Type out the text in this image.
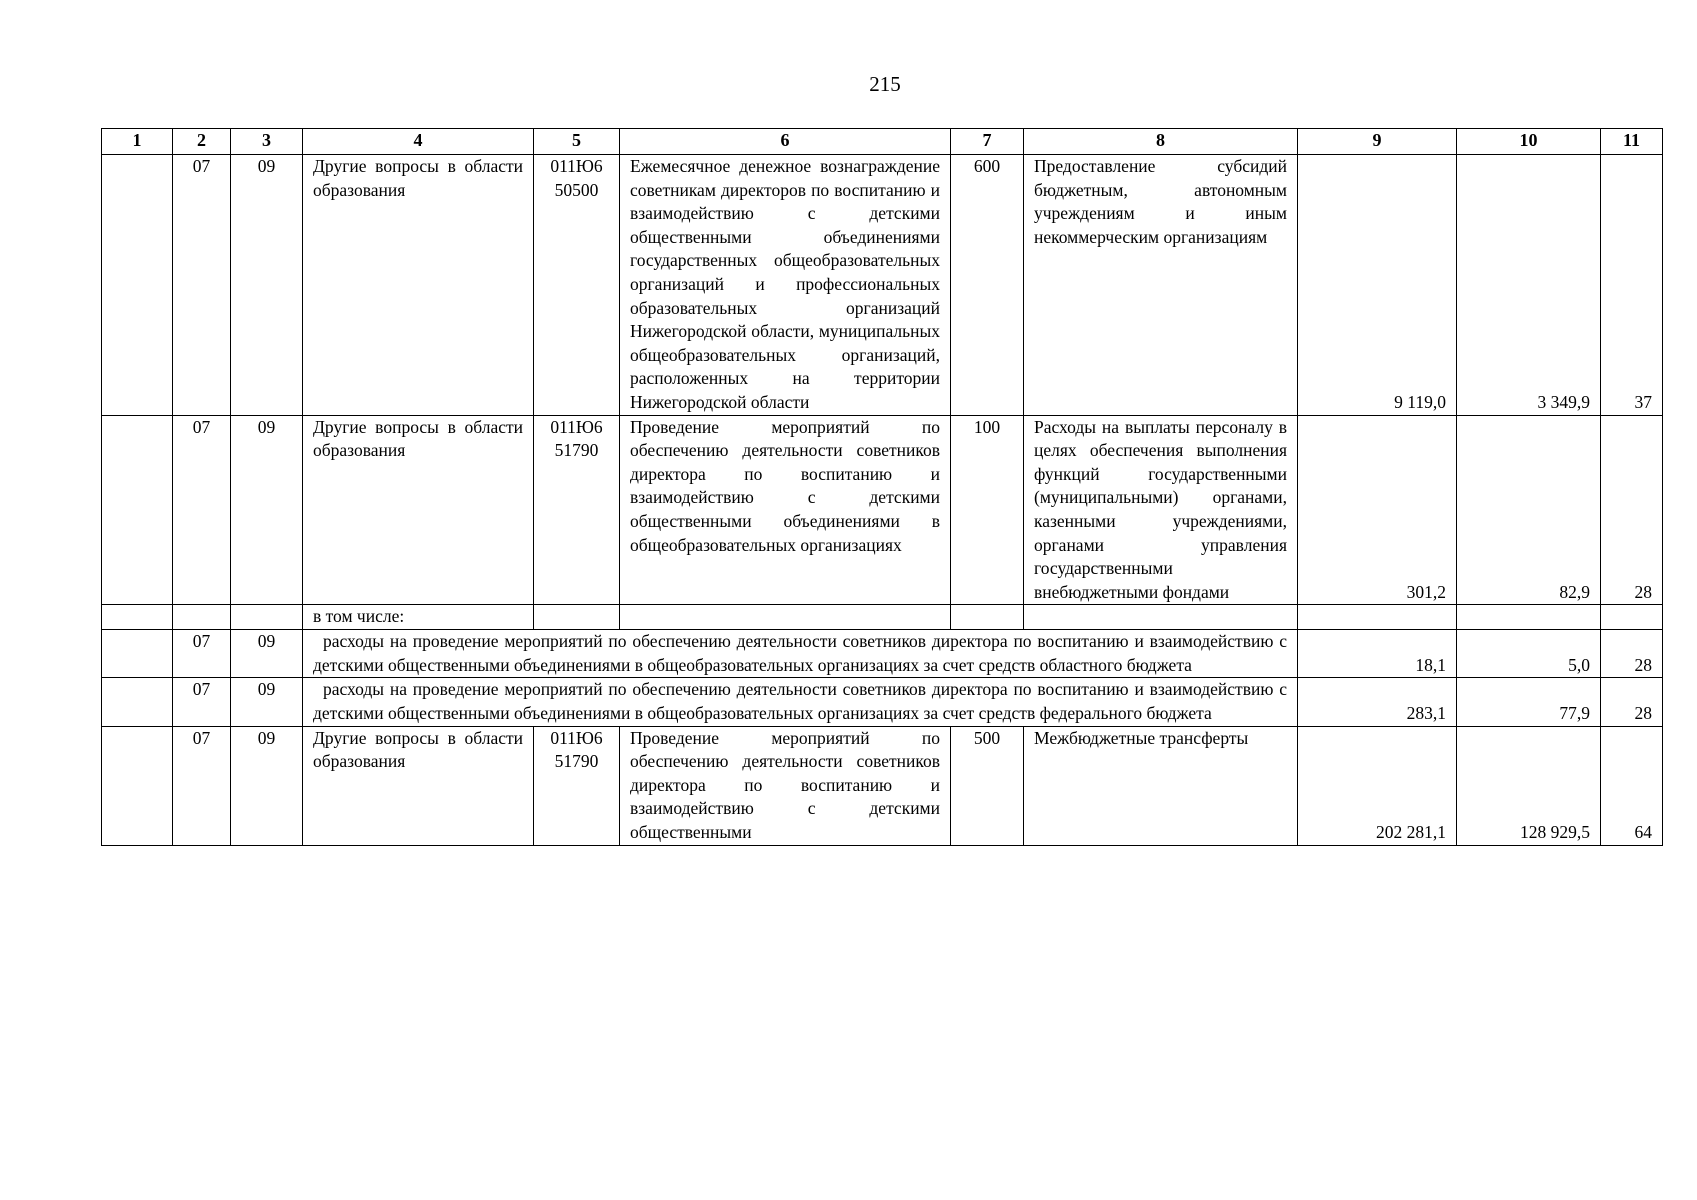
215
1	2	3	4	5	6	7	8	9	10	11
	07	09	Другие вопросы в области образования	011Ю6 50500	Ежемесячное денежное вознаграждение советникам директоров по воспитанию и взаимодействию с детскими общественными объединениями государственных общеобразовательных организаций и профессиональных образовательных организаций Нижегородской области, муниципальных общеобразовательных организаций, расположенных на территории Нижегородской области	600	Предоставление субсидий бюджетным, автономным учреждениям и иным некоммерческим организациям	9 119,0	3 349,9	37
	07	09	Другие вопросы в области образования	011Ю6 51790	Проведение мероприятий по обеспечению деятельности советников директора по воспитанию и взаимодействию с детскими общественными объединениями в общеобразовательных организациях	100	Расходы на выплаты персоналу в целях обеспечения выполнения функций государственными (муниципальными) органами, казенными учреждениями, органами управления государственными внебюджетными фондами	301,2	82,9	28
			в том числе:							
	07	09	расходы на проведение мероприятий по обеспечению деятельности советников директора по воспитанию и взаимодействию с детскими общественными объединениями в общеобразовательных организациях за счет средств областного бюджета					18,1	5,0	28
	07	09	расходы на проведение мероприятий по обеспечению деятельности советников директора по воспитанию и взаимодействию с детскими общественными объединениями в общеобразовательных организациях за счет средств федерального бюджета					283,1	77,9	28
	07	09	Другие вопросы в области образования	011Ю6 51790	Проведение мероприятий по обеспечению деятельности советников директора по воспитанию и взаимодействию с детскими общественными	500	Межбюджетные трансферты	202 281,1	128 929,5	64
